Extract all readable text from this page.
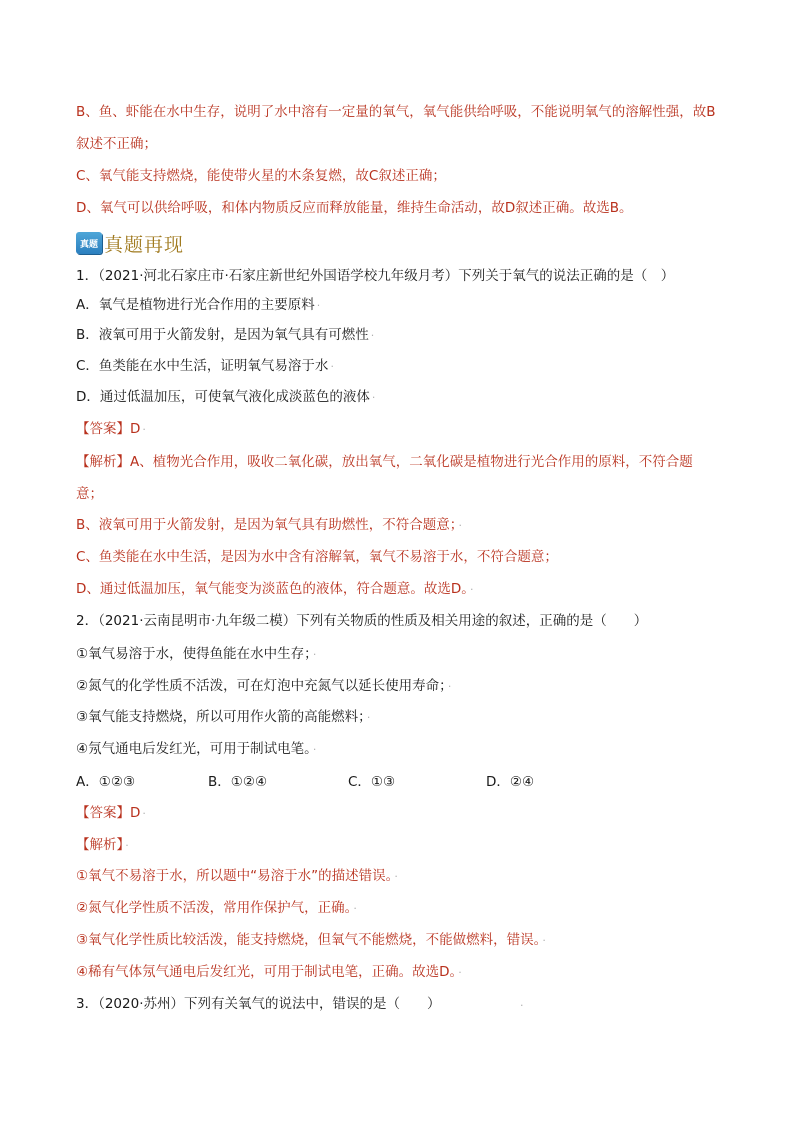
B、鱼、虾能在水中生存，说明了水中溶有一定量的氧气，氧气能供给呼吸，不能说明氧气的溶解性强，故B
叙述不正确；
C、氧气能支持燃烧，能使带火星的木条复燃，故C叙述正确；
D、氧气可以供给呼吸，和体内物质反应而释放能量，维持生命活动，故D叙述正确。故选B。
真题 真题再现
1．（2021·河北石家庄市·石家庄新世纪外国语学校九年级月考）下列关于氧气的说法正确的是（　）
A．氧气是植物进行光合作用的主要原料 ·
B．液氧可用于火箭发射，是因为氧气具有可燃性 ·
C．鱼类能在水中生活，证明氧气易溶于水 ·
D．通过低温加压，可使氧气液化成淡蓝色的液体 ·
【答案】D ·
【解析】A、植物光合作用，吸收二氧化碳，放出氧气，二氧化碳是植物进行光合作用的原料，不符合题
意；
B、液氧可用于火箭发射，是因为氧气具有助燃性，不符合题意； ·
C、鱼类能在水中生活，是因为水中含有溶解氧，氧气不易溶于水，不符合题意；
D、通过低温加压，氧气能变为淡蓝色的液体，符合题意。故选D。 ·
2．（2021·云南昆明市·九年级二模）下列有关物质的性质及相关用途的叙述，正确的是（　　）
①氧气易溶于水，使得鱼能在水中生存； ·
②氮气的化学性质不活泼，可在灯泡中充氮气以延长使用寿命； ·
③氧气能支持燃烧，所以可用作火箭的高能燃料； ·
④氖气通电后发红光，可用于制试电笔。 ·
A．①②③	B．①②④	C．①③	D．②④
【答案】D ·
【解析】 ·
①氧气不易溶于水，所以题中“易溶于水”的描述错误。 ·
②氮气化学性质不活泼，常用作保护气，正确。 ·
③氧气化学性质比较活泼，能支持燃烧，但氧气不能燃烧，不能做燃料，错误。 ·
④稀有气体氖气通电后发红光，可用于制试电笔，正确。故选D。 ·
3．（2020·苏州）下列有关氧气的说法中，错误的是（　　）	.
